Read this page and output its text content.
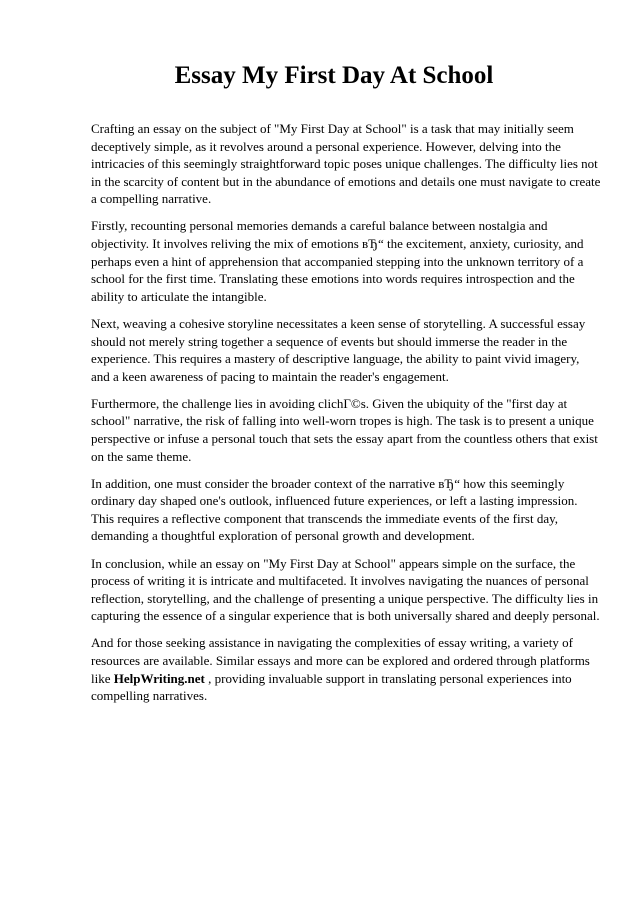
Essay My First Day At School

Crafting an essay on the subject of "My First Day at School" is a task that may initially seem deceptively simple, as it revolves around a personal experience. However, delving into the intricacies of this seemingly straightforward topic poses unique challenges. The difficulty lies not in the scarcity of content but in the abundance of emotions and details one must navigate to create a compelling narrative.

Firstly, recounting personal memories demands a careful balance between nostalgia and objectivity. It involves reliving the mix of emotions вЂ“ the excitement, anxiety, curiosity, and perhaps even a hint of apprehension that accompanied stepping into the unknown territory of a school for the first time. Translating these emotions into words requires introspection and the ability to articulate the intangible.

Next, weaving a cohesive storyline necessitates a keen sense of storytelling. A successful essay should not merely string together a sequence of events but should immerse the reader in the experience. This requires a mastery of descriptive language, the ability to paint vivid imagery, and a keen awareness of pacing to maintain the reader's engagement.

Furthermore, the challenge lies in avoiding clichГ©s. Given the ubiquity of the "first day at school" narrative, the risk of falling into well-worn tropes is high. The task is to present a unique perspective or infuse a personal touch that sets the essay apart from the countless others that exist on the same theme.

In addition, one must consider the broader context of the narrative вЂ“ how this seemingly ordinary day shaped one's outlook, influenced future experiences, or left a lasting impression. This requires a reflective component that transcends the immediate events of the first day, demanding a thoughtful exploration of personal growth and development.

In conclusion, while an essay on "My First Day at School" appears simple on the surface, the process of writing it is intricate and multifaceted. It involves navigating the nuances of personal reflection, storytelling, and the challenge of presenting a unique perspective. The difficulty lies in capturing the essence of a singular experience that is both universally shared and deeply personal.

And for those seeking assistance in navigating the complexities of essay writing, a variety of resources are available. Similar essays and more can be explored and ordered through platforms like HelpWriting.net , providing invaluable support in translating personal experiences into compelling narratives.
